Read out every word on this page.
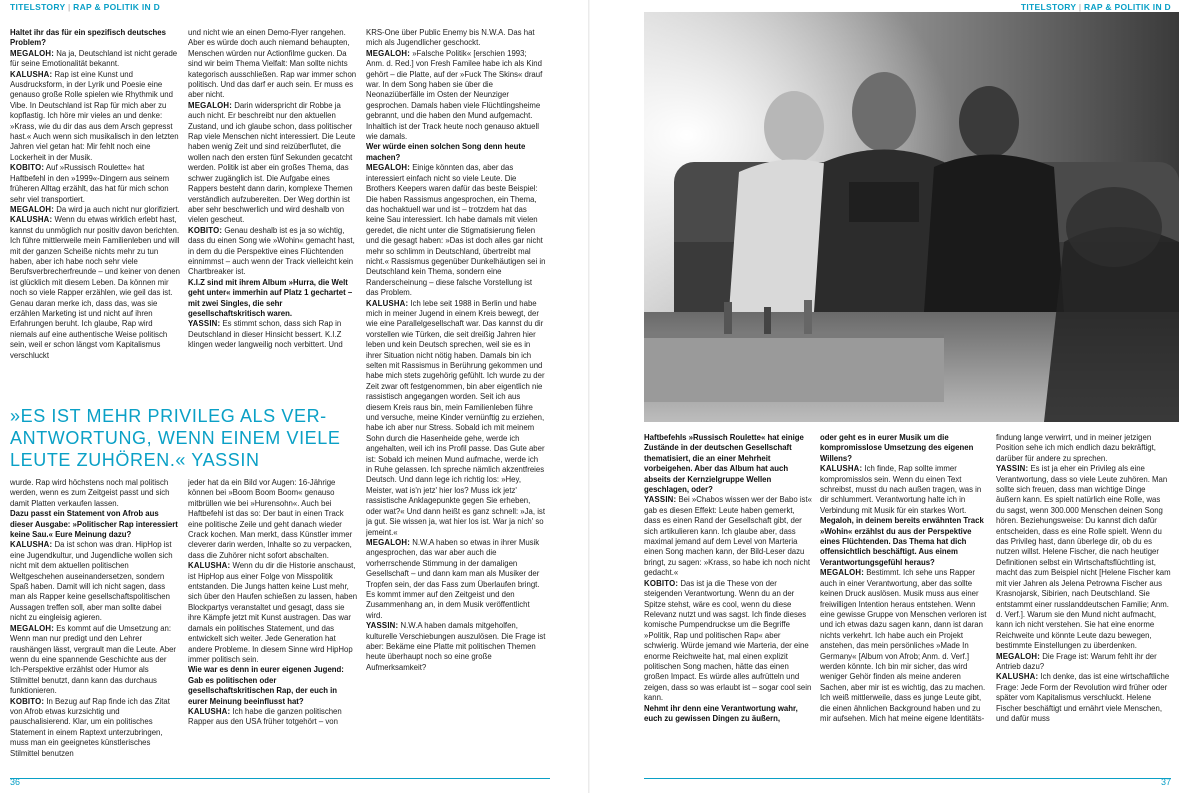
TITELSTORY | RAP & POLITIK IN D

Haltet ihr das für ein spezifisch deutsches Problem?

MEGALOH: Na ja, Deutschland ist nicht gerade für seine Emotionalität bekannt.

KALUSHA: Rap ist eine Kunst und Ausdrucksform, in der Lyrik und Poesie eine genauso große Rolle spielen wie Rhythmik und Vibe. In Deutschland ist Rap für mich aber zu kopflastig. Ich höre mir vieles an und denke: »Krass, wie du dir das aus dem Arsch gepresst hast.« Auch wenn sich musikalisch in den letzten Jahren viel getan hat: Mir fehlt noch eine Lockerheit in der Musik.

KOBITO: Auf »Russisch Roulette« hat Haftbefehl in den »1999«-Dingern aus seinem früheren Alltag erzählt, das hat für mich schon sehr viel transportiert.

MEGALOH: Da wird ja auch nicht nur glorifiziert.

KALUSHA: Wenn du etwas wirklich erlebt hast, kannst du unmöglich nur positiv davon berichten. Ich führe mittlerweile mein Familienleben und will mit der ganzen Scheiße nichts mehr zu tun haben, aber ich habe noch sehr viele Berufsverbrecherfreunde – und keiner von denen ist glücklich mit diesem Leben. Da können mir noch so viele Rapper erzählen, wie geil das ist. Genau daran merke ich, dass das, was sie erzählen Marketing ist und nicht auf ihren Erfahrungen beruht. Ich glaube, Rap wird niemals auf eine authentische Weise politisch sein, weil er schon längst vom Kapitalismus verschluckt

und nicht wie an einen Demo-Flyer rangehen. Aber es würde doch auch niemand behaupten, Menschen würden nur Actionfilme gucken. Da sind wir beim Thema Vielfalt: Man sollte nichts kategorisch ausschließen. Rap war immer schon politisch. Und das darf er auch sein. Er muss es aber nicht.

MEGALOH: Darin widerspricht dir Robbe ja auch nicht. Er beschreibt nur den aktuellen Zustand, und ich glaube schon, dass politischer Rap viele Menschen nicht interessiert. Die Leute haben wenig Zeit und sind reizüberflutet, die wollen nach den ersten fünf Sekunden gecatcht werden. Politik ist aber ein großes Thema, das schwer zugänglich ist. Die Aufgabe eines Rappers besteht dann darin, komplexe Themen verständlich aufzubereiten. Der Weg dorthin ist aber sehr beschwerlich und wird deshalb von vielen gescheut.

KOBITO: Genau deshalb ist es ja so wichtig, dass du einen Song wie »Wohin« gemacht hast, in dem du die Perspektive eines Flüchtenden einnimmst – auch wenn der Track vielleicht kein Chartbreaker ist.

K.I.Z sind mit ihrem Album »Hurra, die Welt geht unter« immerhin auf Platz 1 gechartet – mit zwei Singles, die sehr gesellschaftskritisch waren.

YASSIN: Es stimmt schon, dass sich Rap in Deutschland in dieser Hinsicht bessert. K.I.Z klingen weder langweilig noch verbittert. Und

KRS-One über Public Enemy bis N.W.A. Das hat mich als Jugendlicher geschockt.

MEGALOH: »Falsche Politik« [erschien 1993; Anm. d. Red.] von Fresh Familee habe ich als Kind gehört – die Platte, auf der »Fuck The Skins« drauf war. In dem Song haben sie über die Neonaziüberfälle im Osten der Neunziger gesprochen. Damals haben viele Flüchtlingsheime gebrannt, und die haben den Mund aufgemacht. Inhaltlich ist der Track heute noch genauso aktuell wie damals.

Wer würde einen solchen Song denn heute machen?

MEGALOH: Einige könnten das, aber das interessiert einfach nicht so viele Leute. Die Brothers Keepers waren dafür das beste Beispiel: Die haben Rassismus angesprochen, ein Thema, das hochaktuell war und ist – trotzdem hat das keine Sau interessiert. Ich habe damals mit vielen geredet, die nicht unter die Stigmatisierung fielen und die gesagt haben: »Das ist doch alles gar nicht mehr so schlimm in Deutschland, übertreibt mal nicht.« Rassismus gegenüber Dunkelhäutigen sei in Deutschland kein Thema, sondern eine Randerscheinung – diese falsche Vorstellung ist das Problem.

KALUSHA: Ich lebe seit 1988 in Berlin und habe mich in meiner Jugend in einem Kreis bewegt, der wie eine Parallelgesellschaft war. Das kannst du dir vorstellen wie Türken, die seit dreißig Jahren hier leben und kein Deutsch sprechen, weil sie es in ihrer Situation nicht nötig haben. Damals bin ich selten mit Rassismus in Berührung gekommen und habe mich stets zugehörig gefühlt. Ich wurde zu der Zeit zwar oft festgenommen, bin aber eigentlich nie rassistisch angegangen worden. Seit ich aus diesem Kreis raus bin, mein Familienleben führe und versuche, meine Kinder vernünftig zu erziehen, habe ich aber nur Stress. Sobald ich mit meinem Sohn durch die Hasenheide gehe, werde ich angehalten, weil ich ins Profil passe. Das Gute aber ist: Sobald ich meinen Mund aufmache, werde ich in Ruhe gelassen. Ich spreche nämlich akzentfreies Deutsch. Und dann lege ich richtig los: »Hey, Meister, wat is'n jetz' hier los? Muss ick jetz' rassistische Anklagepunkte gegen Sie erheben, oder wat?« Und dann heißt es ganz schnell: »Ja, ist ja gut. Sie wissen ja, wat hier los ist. War ja nich' so jemeint.«

MEGALOH: N.W.A haben so etwas in ihrer Musik angesprochen, das war aber auch die vorherrschende Stimmung in der damaligen Gesellschaft – und dann kam man als Musiker der Tropfen sein, der das Fass zum Überlaufen bringt. Es kommt immer auf den Zeitgeist und den Zusammenhang an, in dem Musik veröffentlicht wird.

YASSIN: N.W.A haben damals mitgeholfen, kulturelle Verschiebungen auszulösen. Die Frage ist aber: Bekäme eine Platte mit politischen Themen heute überhaupt noch so eine große Aufmerksamkeit?

»ES IST MEHR PRIVILEG ALS VER-ANTWORTUNG, WENN EINEM VIELE LEUTE ZUHÖREN.« YASSIN

wurde. Rap wird höchstens noch mal politisch werden, wenn es zum Zeitgeist passt und sich damit Platten verkaufen lassen.

Dazu passt ein Statement von Afrob aus dieser Ausgabe: »Politischer Rap interessiert keine Sau.« Eure Meinung dazu?

KALUSHA: Da ist schon was dran. HipHop ist eine Jugendkultur, und Jugendliche wollen sich nicht mit dem aktuellen politischen Weltgeschehen auseinandersetzen, sondern Spaß haben. Damit will ich nicht sagen, dass man als Rapper keine gesellschaftspolitischen Aussagen treffen soll, aber man sollte dabei nicht zu eingleisig agieren.

MEGALOH: Es kommt auf die Umsetzung an: Wenn man nur predigt und den Lehrer raushängen lässt, vergrault man die Leute. Aber wenn du eine spannende Geschichte aus der Ich-Perspektive erzählst oder Humor als Stilmittel benutzt, dann kann das durchaus funktionieren.

KOBITO: In Bezug auf Rap finde ich das Zitat von Afrob etwas kurzsichtig und pauschalisierend. Klar, um ein politisches Statement in einem Raptext unterzubringen, muss man ein geeignetes künstlerisches Stilmittel benutzen

jeder hat da ein Bild vor Augen: 16-Jährige können bei »Boom Boom Boom« genauso mitbrüllen wie bei »Hurensohn«. Auch bei Haftbefehl ist das so: Der baut in einen Track eine politische Zeile und geht danach wieder Crack kochen. Man merkt, dass Künstler immer cleverer darin werden, Inhalte so zu verpacken, dass die Zuhörer nicht sofort abschalten.

KALUSHA: Wenn du dir die Historie anschaust, ist HipHop aus einer Folge von Misspolitik entstanden. Die Jungs hatten keine Lust mehr, sich über den Haufen schießen zu lassen, haben Blockpartys veranstaltet und gesagt, dass sie ihre Kämpfe jetzt mit Kunst austragen. Das war damals ein politisches Statement, und das entwickelt sich weiter. Jede Generation hat andere Probleme. In diesem Sinne wird HipHop immer politisch sein.

Wie war es denn in eurer eigenen Jugend: Gab es politischen oder gesellschaftskritischen Rap, der euch in eurer Meinung beeinflusst hat?

KALUSHA: Ich habe die ganzen politischen Rapper aus den USA früher totgehört – von

36
TITELSTORY | RAP & POLITIK IN D

Haftbefehls »Russisch Roulette« hat einige Zustände in der deutschen Gesellschaft thematisiert, die an einer Mehrheit vorbeigehen. Aber das Album hat auch abseits der Kernzielgruppe Wellen geschlagen, oder?

YASSIN: Bei »Chabos wissen wer der Babo ist« gab es diesen Effekt: Leute haben gemerkt, dass es einen Rand der Gesellschaft gibt, der sich artikulieren kann. Ich glaube aber, dass maximal jemand auf dem Level von Marteria einen Song machen kann, der Bild-Leser dazu bringt, zu sagen: »Krass, so habe ich noch nicht gedacht.«

KOBITO: Das ist ja die These von der steigenden Verantwortung. Wenn du an der Spitze stehst, wäre es cool, wenn du diese Relevanz nutzt und was sagst. Ich finde dieses komische Pumpendruckse um die Begriffe »Politik, Rap und politischen Rap« aber schwierig. Würde jemand wie Marteria, der eine enorme Reichweite hat, mal einen explizit politischen Song machen, hätte das einen großen Impact. Es würde alles aufrütteln und zeigen, dass so was erlaubt ist – sogar cool sein kann.

Nehmt ihr denn eine Verantwortung wahr, euch zu gewissen Dingen zu äußern,

oder geht es in eurer Musik um die kompromisslose Umsetzung des eigenen Willens?

KALUSHA: Ich finde, Rap sollte immer kompromisslos sein. Wenn du einen Text schreibst, musst du nach außen tragen, was in dir schlummert. Verantwortung halte ich in Verbindung mit Musik für ein starkes Wort.

Megaloh, in deinem bereits erwähnten Track »Wohin« erzählst du aus der Perspektive eines Flüchtenden. Das Thema hat dich offensichtlich beschäftigt. Aus einem Verantwortungsgefühl heraus?

MEGALOH: Bestimmt. Ich sehe uns Rapper auch in einer Verantwortung, aber das sollte keinen Druck auslösen. Musik muss aus einer freiwilligen Intention heraus entstehen. Wenn eine gewisse Gruppe von Menschen verloren ist und ich etwas dazu sagen kann, dann ist daran nichts verkehrt. Ich habe auch ein Projekt anstehen, das mein persönliches »Made In Germany« [Album von Afrob; Anm. d. Verf.] werden könnte. Ich bin mir sicher, das wird weniger Gehör finden als meine anderen Sachen, aber mir ist es wichtig, das zu machen. Ich weiß mittlerweile, dass es junge Leute gibt, die einen ähnlichen Background haben und zu mir aufsehen. Mich hat meine eigene Identitäts-

findung lange verwirrt, und in meiner jetzigen Position sehe ich mich endlich dazu bekräftigt, darüber für andere zu sprechen.

YASSIN: Es ist ja eher ein Privileg als eine Verantwortung, dass so viele Leute zuhören. Man sollte sich freuen, dass man wichtige Dinge äußern kann. Es spielt natürlich eine Rolle, was du sagst, wenn 300.000 Menschen deinen Song hören. Beziehungsweise: Du kannst dich dafür entscheiden, dass es eine Rolle spielt. Wenn du das Privileg hast, dann überlege dir, ob du es nutzen willst. Helene Fischer, die nach heutiger Definitionen selbst ein Wirtschaftsflüchtling ist, macht das zum Beispiel nicht [Helene Fischer kam mit vier Jahren als Jelena Petrowna Fischer aus Krasnojarsk, Sibirien, nach Deutschland. Sie entstammt einer russlanddeutschen Familie; Anm. d. Verf.]. Warum sie den Mund nicht aufmacht, kann ich nicht verstehen. Sie hat eine enorme Reichweite und könnte Leute dazu bewegen, bestimmte Einstellungen zu überdenken.

MEGALOH: Die Frage ist: Warum fehlt ihr der Antrieb dazu?

KALUSHA: Ich denke, das ist eine wirtschaftliche Frage: Jede Form der Revolution wird früher oder später vom Kapitalismus verschluckt. Helene Fischer beschäftigt und ernährt viele Menschen, und dafür muss

37
